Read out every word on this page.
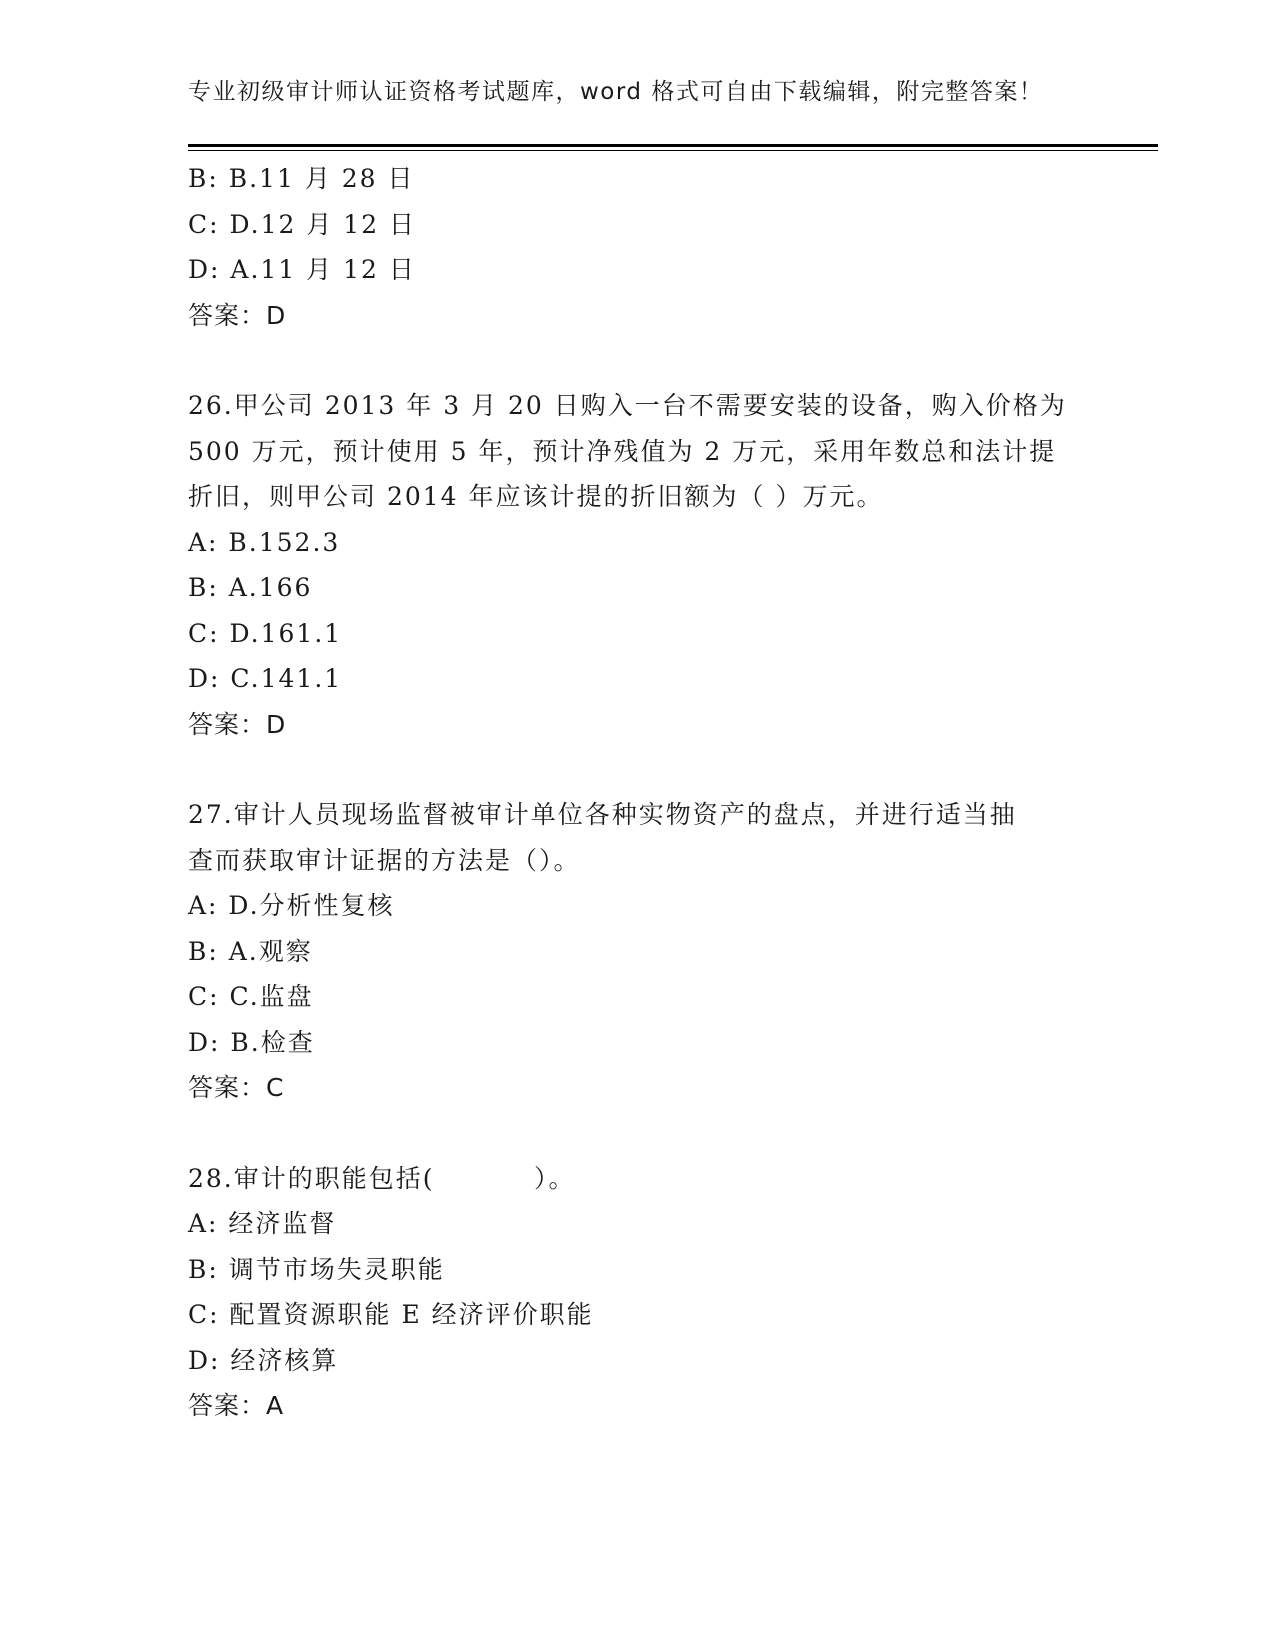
专业初级审计师认证资格考试题库，word 格式可自由下载编辑，附完整答案！
B: B.11 月 28 日
C: D.12 月 12 日
D: A.11 月 12 日
答案：D
26.甲公司 2013 年 3 月 20 日购入一台不需要安装的设备，购入价格为
500 万元，预计使用 5 年，预计净残值为 2 万元，采用年数总和法计提
折旧，则甲公司 2014 年应该计提的折旧额为（ ）万元。
A: B.152.3
B: A.166
C: D.161.1
D: C.141.1
答案：D
27.审计人员现场监督被审计单位各种实物资产的盘点，并进行适当抽
查而获取审计证据的方法是（）。
A: D.分析性复核
B: A.观察
C: C.监盘
D: B.检查
答案：C
28.审计的职能包括(          ）。
A: 经济监督
B: 调节市场失灵职能
C: 配置资源职能 E 经济评价职能
D: 经济核算
答案：A
